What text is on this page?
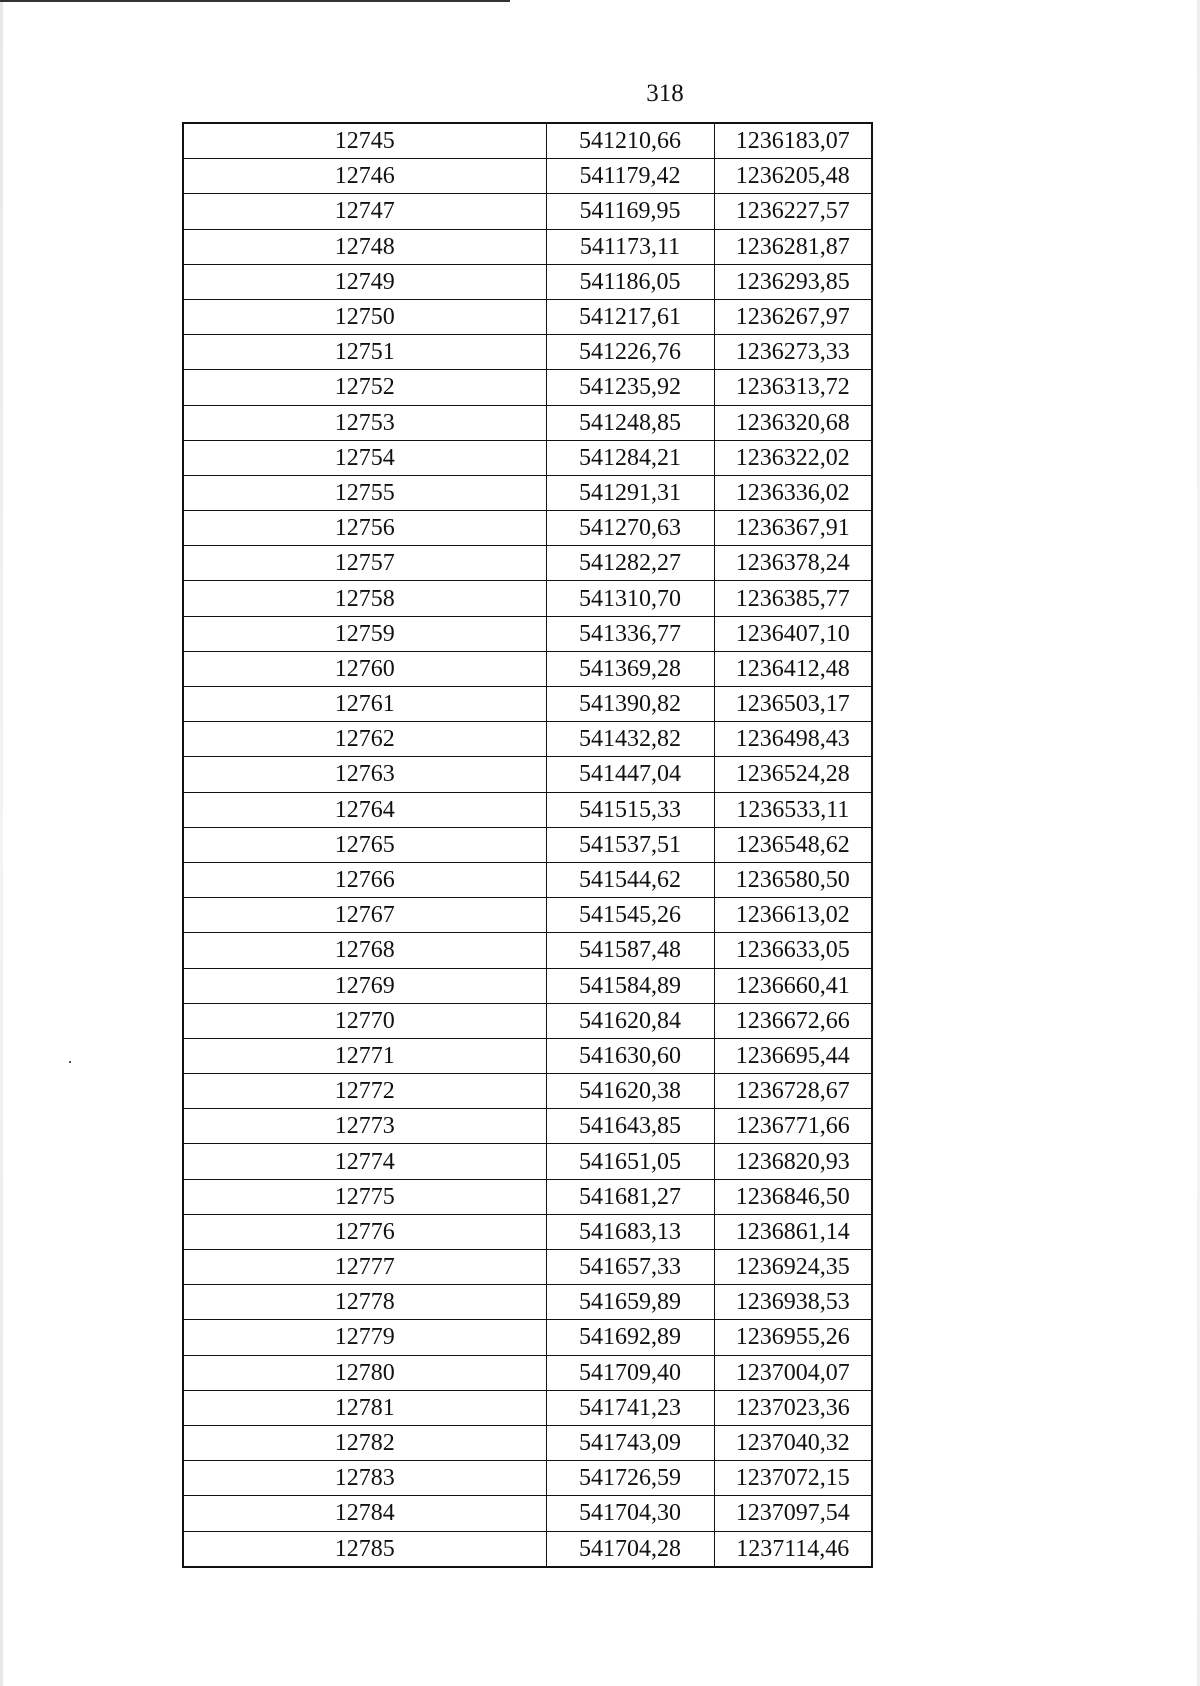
318
12745	541210,66	1236183,07
12746	541179,42	1236205,48
12747	541169,95	1236227,57
12748	541173,11	1236281,87
12749	541186,05	1236293,85
12750	541217,61	1236267,97
12751	541226,76	1236273,33
12752	541235,92	1236313,72
12753	541248,85	1236320,68
12754	541284,21	1236322,02
12755	541291,31	1236336,02
12756	541270,63	1236367,91
12757	541282,27	1236378,24
12758	541310,70	1236385,77
12759	541336,77	1236407,10
12760	541369,28	1236412,48
12761	541390,82	1236503,17
12762	541432,82	1236498,43
12763	541447,04	1236524,28
12764	541515,33	1236533,11
12765	541537,51	1236548,62
12766	541544,62	1236580,50
12767	541545,26	1236613,02
12768	541587,48	1236633,05
12769	541584,89	1236660,41
12770	541620,84	1236672,66
12771	541630,60	1236695,44
12772	541620,38	1236728,67
12773	541643,85	1236771,66
12774	541651,05	1236820,93
12775	541681,27	1236846,50
12776	541683,13	1236861,14
12777	541657,33	1236924,35
12778	541659,89	1236938,53
12779	541692,89	1236955,26
12780	541709,40	1237004,07
12781	541741,23	1237023,36
12782	541743,09	1237040,32
12783	541726,59	1237072,15
12784	541704,30	1237097,54
12785	541704,28	1237114,46
